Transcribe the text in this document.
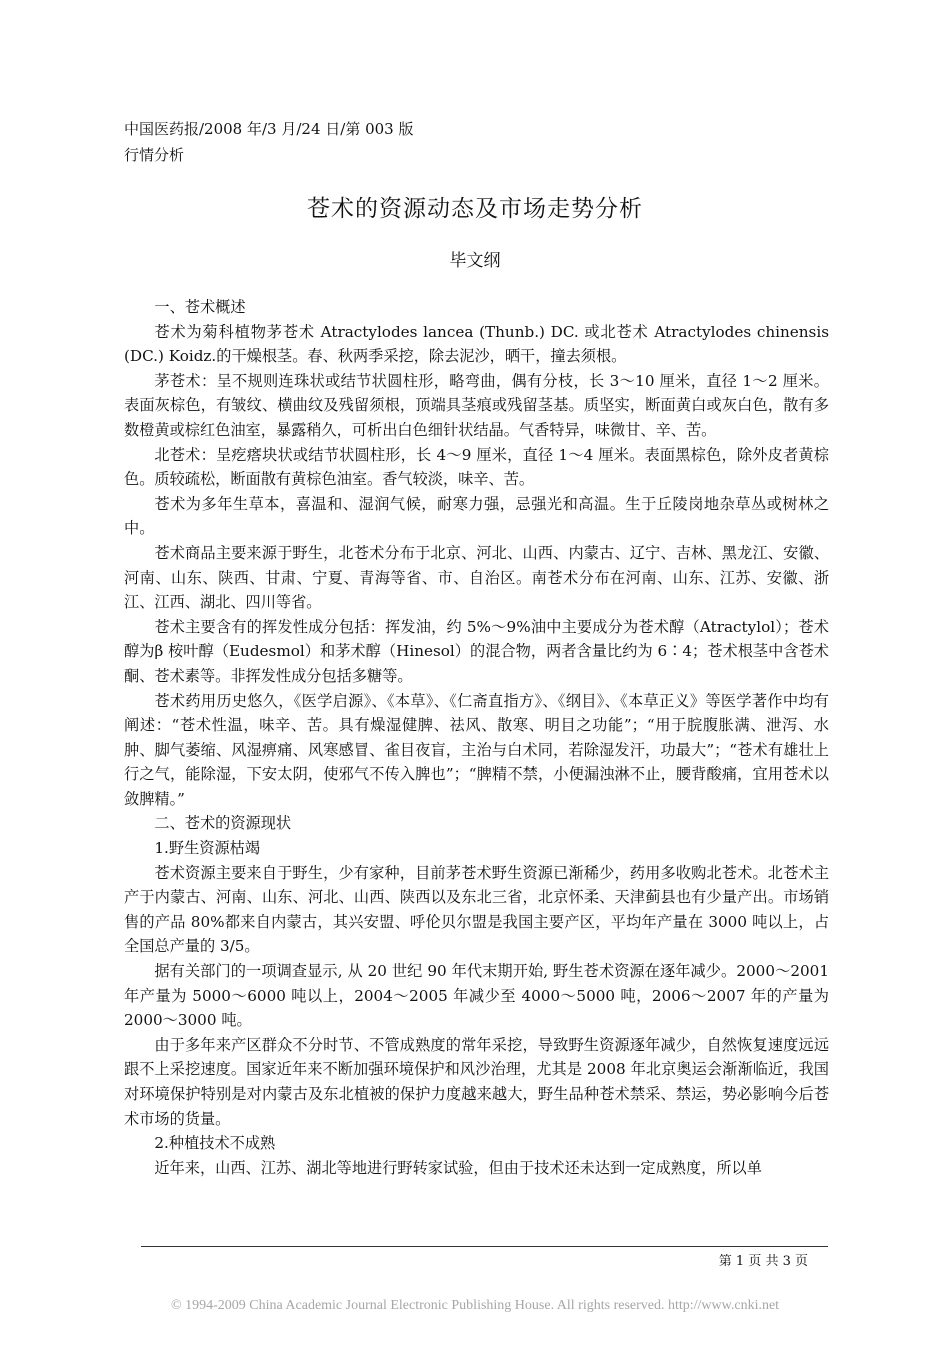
中国医药报/2008 年/3 月/24 日/第 003 版
行情分析
苍术的资源动态及市场走势分析
毕文纲

一、苍术概述

苍术为菊科植物茅苍术 Atractylodes lancea (Thunb.) DC. 或北苍术 Atractylodes chinensis (DC.) Koidz.的干燥根茎。春、秋两季采挖，除去泥沙，晒干，撞去须根。

茅苍术：呈不规则连珠状或结节状圆柱形，略弯曲，偶有分枝，长 3～10 厘米，直径 1～2 厘米。表面灰棕色，有皱纹、横曲纹及残留须根，顶端具茎痕或残留茎基。质坚实，断面黄白或灰白色，散有多数橙黄或棕红色油室，暴露稍久，可析出白色细针状结晶。气香特异，味微甘、辛、苦。

北苍术：呈疙瘩块状或结节状圆柱形，长 4～9 厘米，直径 1～4 厘米。表面黑棕色，除外皮者黄棕色。质较疏松，断面散有黄棕色油室。香气较淡，味辛、苦。

苍术为多年生草本，喜温和、湿润气候，耐寒力强，忌强光和高温。生于丘陵岗地杂草丛或树林之中。

苍术商品主要来源于野生，北苍术分布于北京、河北、山西、内蒙古、辽宁、吉林、黑龙江、安徽、河南、山东、陕西、甘肃、宁夏、青海等省、市、自治区。南苍术分布在河南、山东、江苏、安徽、浙江、江西、湖北、四川等省。

苍术主要含有的挥发性成分包括：挥发油，约 5%～9%油中主要成分为苍术醇（Atractylol）；苍术醇为β 桉叶醇（Eudesmol）和茅术醇（Hinesol）的混合物，两者含量比约为 6∶4；苍术根茎中含苍术酮、苍术素等。非挥发性成分包括多糖等。

苍术药用历史悠久，《医学启源》、《本草》、《仁斋直指方》、《纲目》、《本草正义》等医学著作中均有阐述：“苍术性温，味辛、苦。具有燥湿健脾、祛风、散寒、明目之功能”；“用于脘腹胀满、泄泻、水肿、脚气萎缩、风湿痹痛、风寒感冒、雀目夜盲，主治与白术同，若除湿发汗，功最大”；“苍术有雄壮上行之气，能除湿，下安太阴，使邪气不传入脾也”；“脾精不禁，小便漏浊淋不止，腰背酸痛，宜用苍术以敛脾精。”

二、苍术的资源现状

1.野生资源枯竭

苍术资源主要来自于野生，少有家种，目前茅苍术野生资源已渐稀少，药用多收购北苍术。北苍术主产于内蒙古、河南、山东、河北、山西、陕西以及东北三省，北京怀柔、天津蓟县也有少量产出。市场销售的产品 80%都来自内蒙古，其兴安盟、呼伦贝尔盟是我国主要产区，平均年产量在 3000 吨以上，占全国总产量的 3/5。

据有关部门的一项调查显示, 从 20 世纪 90 年代末期开始, 野生苍术资源在逐年减少。2000～2001 年产量为 5000～6000 吨以上，2004～2005 年减少至 4000～5000 吨，2006～2007 年的产量为 2000～3000 吨。

由于多年来产区群众不分时节、不管成熟度的常年采挖，导致野生资源逐年减少，自然恢复速度远远跟不上采挖速度。国家近年来不断加强环境保护和风沙治理，尤其是 2008 年北京奥运会渐渐临近，我国对环境保护特别是对内蒙古及东北植被的保护力度越来越大，野生品种苍术禁采、禁运，势必影响今后苍术市场的货量。

2.种植技术不成熟

近年来，山西、江苏、湖北等地进行野转家试验，但由于技术还未达到一定成熟度，所以单

第 1 页 共 3 页
© 1994-2009 China Academic Journal Electronic Publishing House. All rights reserved. http://www.cnki.net
